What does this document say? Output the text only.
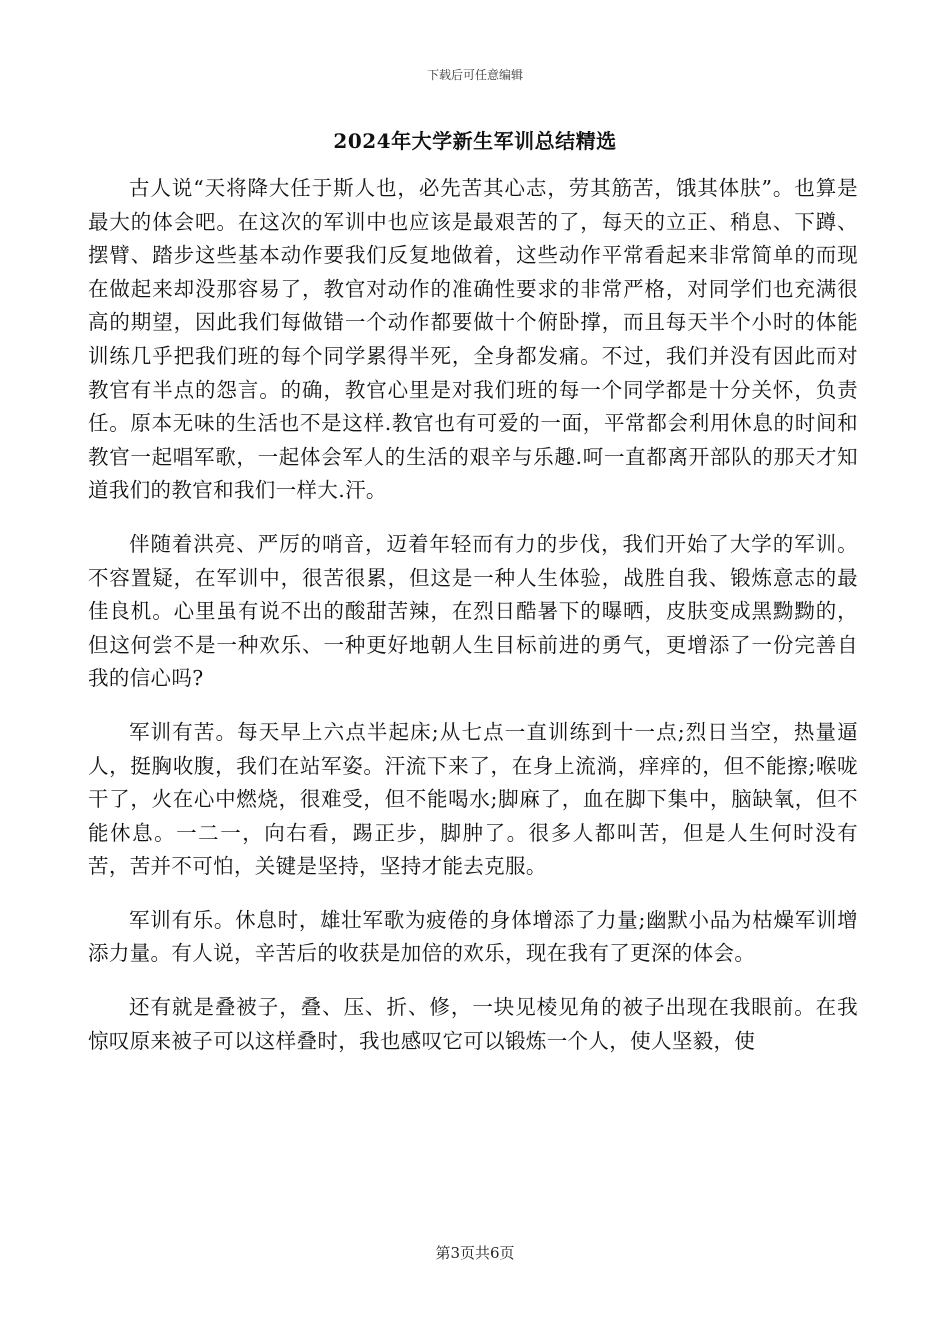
下载后可任意编辑
2024年大学新生军训总结精选

古人说“天将降大任于斯人也，必先苦其心志，劳其筋苦，饿其体肤”。也算是最大的体会吧。在这次的军训中也应该是最艰苦的了，每天的立正、稍息、下蹲、摆臂、踏步这些基本动作要我们反复地做着，这些动作平常看起来非常简单的而现在做起来却没那容易了，教官对动作的准确性要求的非常严格，对同学们也充满很高的期望，因此我们每做错一个动作都要做十个俯卧撑，而且每天半个小时的体能训练几乎把我们班的每个同学累得半死，全身都发痛。不过，我们并没有因此而对教官有半点的怨言。的确，教官心里是对我们班的每一个同学都是十分关怀，负责任。原本无味的生活也不是这样.教官也有可爱的一面，平常都会利用休息的时间和教官一起唱军歌，一起体会军人的生活的艰辛与乐趣.呵一直都离开部队的那天才知道我们的教官和我们一样大.汗。

伴随着洪亮、严厉的哨音，迈着年轻而有力的步伐，我们开始了大学的军训。不容置疑，在军训中，很苦很累，但这是一种人生体验，战胜自我、锻炼意志的最佳良机。心里虽有说不出的酸甜苦辣，在烈日酷暑下的曝晒，皮肤变成黑黝黝的，但这何尝不是一种欢乐、一种更好地朝人生目标前进的勇气，更增添了一份完善自我的信心吗?

军训有苦。每天早上六点半起床;从七点一直训练到十一点;烈日当空，热量逼人，挺胸收腹，我们在站军姿。汗流下来了，在身上流淌，痒痒的，但不能擦;喉咙干了，火在心中燃烧，很难受，但不能喝水;脚麻了，血在脚下集中，脑缺氧，但不能休息。一二一，向右看，踢正步，脚肿了。很多人都叫苦，但是人生何时没有苦，苦并不可怕，关键是坚持，坚持才能去克服。

军训有乐。休息时，雄壮军歌为疲倦的身体增添了力量;幽默小品为枯燥军训增添力量。有人说，辛苦后的收获是加倍的欢乐，现在我有了更深的体会。

还有就是叠被子，叠、压、折、修，一块见棱见角的被子出现在我眼前。在我惊叹原来被子可以这样叠时，我也感叹它可以锻炼一个人，使人坚毅，使

第3页共6页
